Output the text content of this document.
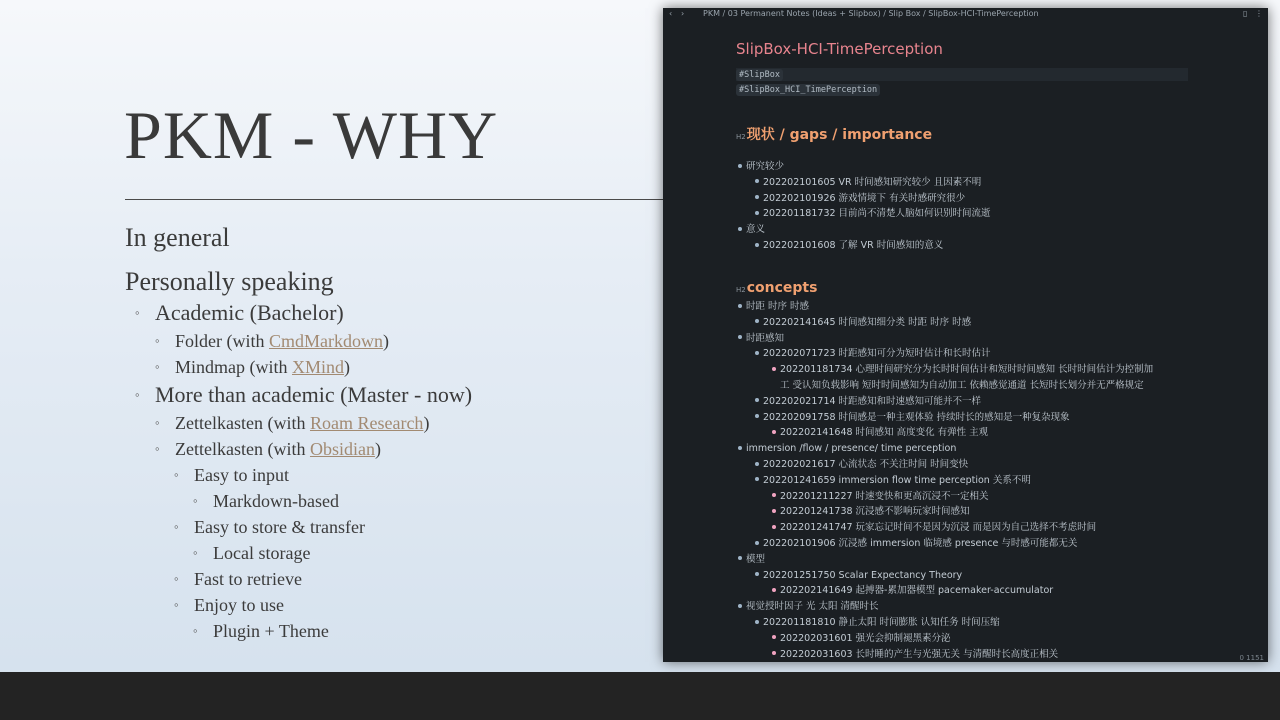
PKM - WHY
In general
Personally speaking
◦ Academic (Bachelor)
◦ Folder (with CmdMarkdown)
◦ Mindmap (with XMind)
◦ More than academic (Master - now)
◦ Zettelkasten (with Roam Research)
◦ Zettelkasten (with Obsidian)
◦ Easy to input
◦ Markdown-based
◦ Easy to store & transfer
◦ Local storage
◦ Fast to retrieve
◦ Enjoy to use
◦ Plugin + Theme
‹ › PKM / 03 Permanent Notes (Ideas + Slipbox) / Slip Box / SlipBox-HCI-TimePerception	▯ ⋮
SlipBox-HCI-TimePerception
#SlipBox
#SlipBox_HCI_TimePerception
H2现状 / gaps / importance
研究较少
202202101605 VR 时间感知研究较少 且因素不明
202202101926 游戏情境下 有关时感研究很少
202201181732 目前尚不清楚人脑如何识别时间流逝
意义
202202101608 了解 VR 时间感知的意义
H2concepts
时距 时序 时感
202202141645 时间感知细分类 时距 时序 时感
时距感知
202202071723 时距感知可分为短时估计和长时估计
202201181734 心理时间研究分为长时时间估计和短时时间感知 长时时间估计为控制加
工 受认知负载影响 短时时间感知为自动加工 依赖感觉通道 长短时长划分并无严格规定
202202021714 时距感知和时速感知可能并不一样
202202091758 时间感是一种主观体验 持续时长的感知是一种复杂现象
202202141648 时间感知 高度变化 有弹性 主观
immersion /flow / presence/ time perception
202202021617 心流状态 不关注时间 时间变快
202201241659 immersion flow time perception 关系不明
202201211227 时速变快和更高沉浸不一定相关
202201241738 沉浸感不影响玩家时间感知
202201241747 玩家忘记时间不是因为沉浸 而是因为自己选择不考虑时间
202202101906 沉浸感 immersion 临境感 presence 与时感可能都无关
模型
202201251750 Scalar Expectancy Theory
202202141649 起搏器-累加器模型 pacemaker-accumulator
视觉授时因子 光 太阳 清醒时长
202201181810 静止太阳 时间膨胀 认知任务 时间压缩
202202031601 强光会抑制褪黑素分泌
202202031603 长时睡的产生与光强无关 与清醒时长高度正相关	0 1151
